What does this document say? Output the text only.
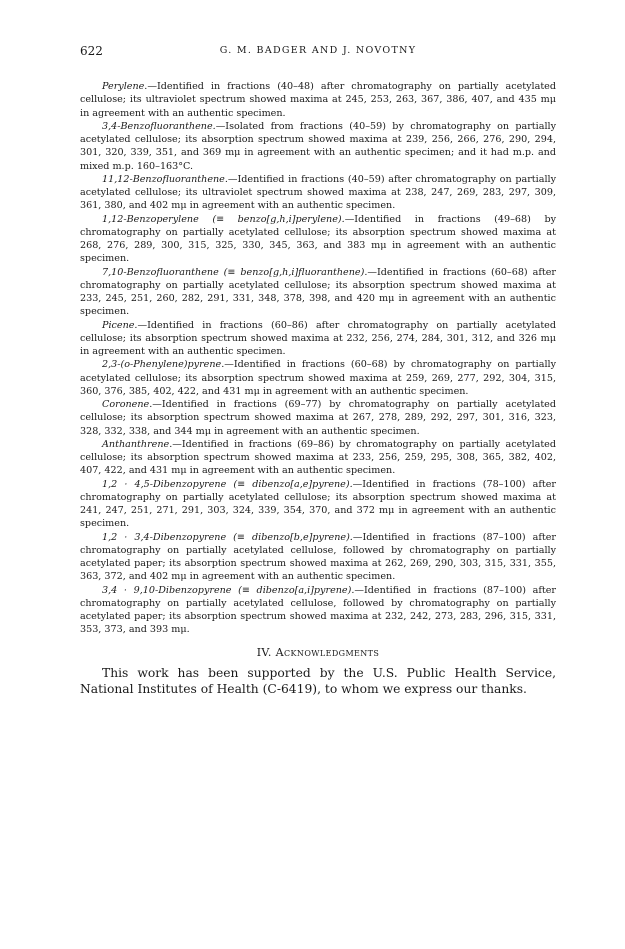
622	G. M. BADGER AND J. NOVOTNY

Perylene.—Identified in fractions (40–48) after chromatography on partially acetylated cellulose; its ultraviolet spectrum showed maxima at 245, 253, 263, 367, 386, 407, and 435 mμ in agreement with an authentic specimen.

3,4-Benzofluoranthene.—Isolated from fractions (40–59) by chromatography on partially acetylated cellulose; its absorption spectrum showed maxima at 239, 256, 266, 276, 290, 294, 301, 320, 339, 351, and 369 mμ in agreement with an authentic specimen; and it had m.p. and mixed m.p. 160–163°C.

11,12-Benzofluoranthene.—Identified in fractions (40–59) after chromatography on partially acetylated cellulose; its ultraviolet spectrum showed maxima at 238, 247, 269, 283, 297, 309, 361, 380, and 402 mμ in agreement with an authentic specimen.

1,12-Benzoperylene (≡ benzo[g,h,i]perylene).—Identified in fractions (49–68) by chromatography on partially acetylated cellulose; its absorption spectrum showed maxima at 268, 276, 289, 300, 315, 325, 330, 345, 363, and 383 mμ in agreement with an authentic specimen.

7,10-Benzofluoranthene (≡ benzo[g,h,i]fluoranthene).—Identified in fractions (60–68) after chromatography on partially acetylated cellulose; its absorption spectrum showed maxima at 233, 245, 251, 260, 282, 291, 331, 348, 378, 398, and 420 mμ in agreement with an authentic specimen.

Picene.—Identified in fractions (60–86) after chromatography on partially acetylated cellulose; its absorption spectrum showed maxima at 232, 256, 274, 284, 301, 312, and 326 mμ in agreement with an authentic specimen.

2,3-(o-Phenylene)pyrene.—Identified in fractions (60–68) by chromatography on partially acetylated cellulose; its absorption spectrum showed maxima at 259, 269, 277, 292, 304, 315, 360, 376, 385, 402, 422, and 431 mμ in agreement with an authentic specimen.

Coronene.—Identified in fractions (69–77) by chromatography on partially acetylated cellulose; its absorption spectrum showed maxima at 267, 278, 289, 292, 297, 301, 316, 323, 328, 332, 338, and 344 mμ in agreement with an authentic specimen.

Anthanthrene.—Identified in fractions (69–86) by chromatography on partially acetylated cellulose; its absorption spectrum showed maxima at 233, 256, 259, 295, 308, 365, 382, 402, 407, 422, and 431 mμ in agreement with an authentic specimen.

1,2 · 4,5-Dibenzopyrene (≡ dibenzo[a,e]pyrene).—Identified in fractions (78–100) after chromatography on partially acetylated cellulose; its absorption spectrum showed maxima at 241, 247, 251, 271, 291, 303, 324, 339, 354, 370, and 372 mμ in agreement with an authentic specimen.

1,2 · 3,4-Dibenzopyrene (≡ dibenzo[b,e]pyrene).—Identified in fractions (87–100) after chromatography on partially acetylated cellulose, followed by chromatography on partially acetylated paper; its absorption spectrum showed maxima at 262, 269, 290, 303, 315, 331, 355, 363, 372, and 402 mμ in agreement with an authentic specimen.

3,4 · 9,10-Dibenzopyrene (≡ dibenzo[a,i]pyrene).—Identified in fractions (87–100) after chromatography on partially acetylated cellulose, followed by chromatography on partially acetylated paper; its absorption spectrum showed maxima at 232, 242, 273, 283, 296, 315, 331, 353, 373, and 393 mμ.

IV. Acknowledgments

This work has been supported by the U.S. Public Health Service, National Institutes of Health (C-6419), to whom we express our thanks.
